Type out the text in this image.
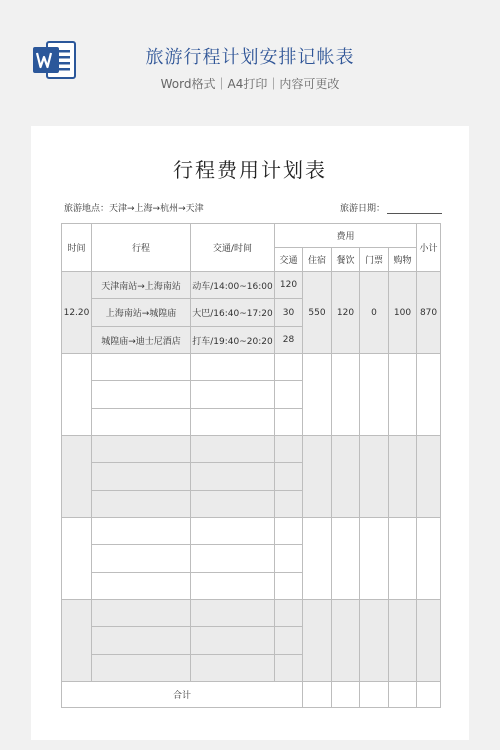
旅游行程计划安排记帐表
Word格式｜A4打印｜内容可更改
行程费用计划表
旅游地点：天津→上海→杭州→天津	旅游日期：
时间	行程	交通/时间	费用					小计
			交通	住宿	餐饮	门票	购物	
12.20	天津南站→上海南站	动车/14:00~16:00	120	550	120	0	100	870
	上海南站→城隍庙	大巴/16:40~17:20	30					
	城隍庙→迪士尼酒店	打车/19:40~20:20	28					

合计								
